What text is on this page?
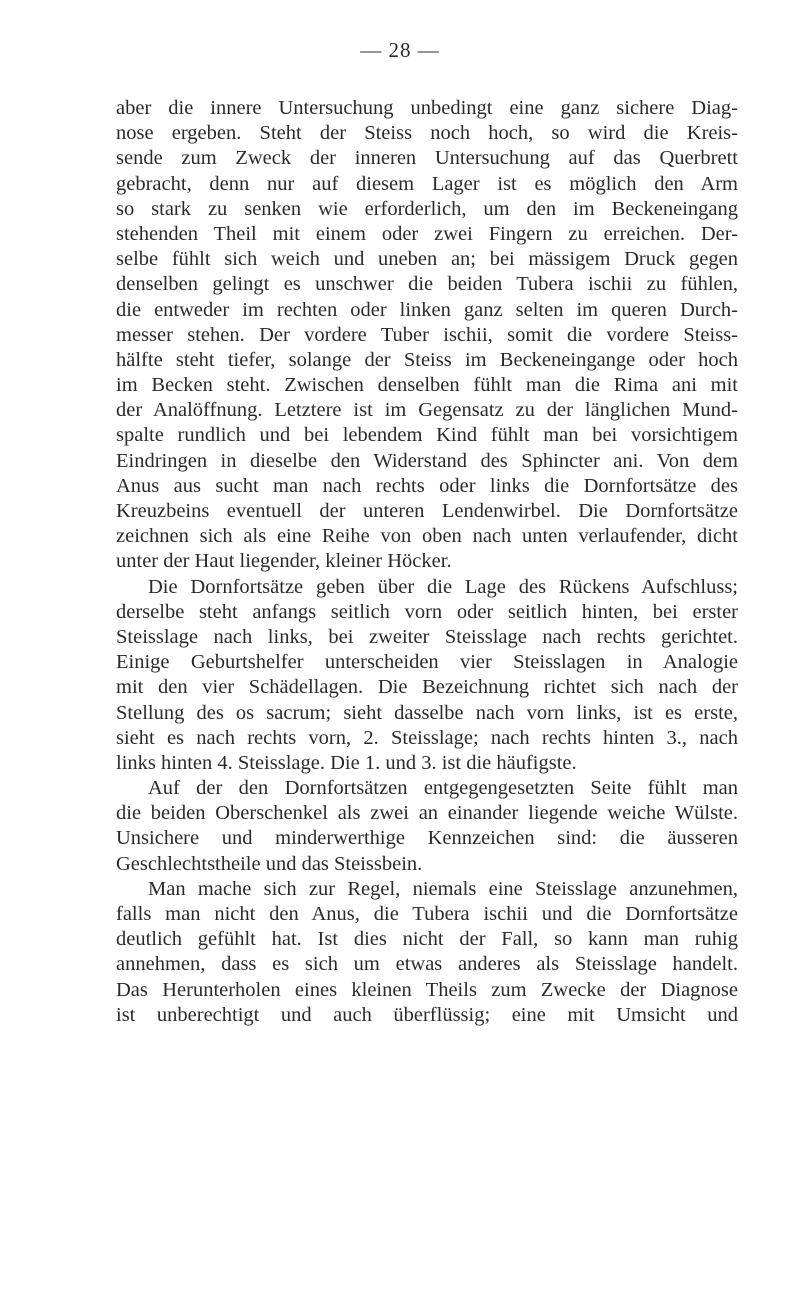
— 28 —
aber die innere Untersuchung unbedingt eine ganz sichere Diag-
nose ergeben. Steht der Steiss noch hoch, so wird die Kreis-
sende zum Zweck der inneren Untersuchung auf das Querbrett
gebracht, denn nur auf diesem Lager ist es möglich den Arm
so stark zu senken wie erforderlich, um den im Beckeneingang
stehenden Theil mit einem oder zwei Fingern zu erreichen. Der-
selbe fühlt sich weich und uneben an; bei mässigem Druck gegen
denselben gelingt es unschwer die beiden Tubera ischii zu fühlen,
die entweder im rechten oder linken ganz selten im queren Durch-
messer stehen. Der vordere Tuber ischii, somit die vordere Steiss-
hälfte steht tiefer, solange der Steiss im Beckeneingange oder hoch
im Becken steht. Zwischen denselben fühlt man die Rima ani mit
der Analöffnung. Letztere ist im Gegensatz zu der länglichen Mund-
spalte rundlich und bei lebendem Kind fühlt man bei vorsichtigem
Eindringen in dieselbe den Widerstand des Sphincter ani. Von dem
Anus aus sucht man nach rechts oder links die Dornfortsätze des
Kreuzbeins eventuell der unteren Lendenwirbel. Die Dornfortsätze
zeichnen sich als eine Reihe von oben nach unten verlaufender, dicht
unter der Haut liegender, kleiner Höcker.
Die Dornfortsätze geben über die Lage des Rückens Aufschluss;
derselbe steht anfangs seitlich vorn oder seitlich hinten, bei erster
Steisslage nach links, bei zweiter Steisslage nach rechts gerichtet.
Einige Geburtshelfer unterscheiden vier Steisslagen in Analogie
mit den vier Schädellagen. Die Bezeichnung richtet sich nach der
Stellung des os sacrum; sieht dasselbe nach vorn links, ist es erste,
sieht es nach rechts vorn, 2. Steisslage; nach rechts hinten 3., nach
links hinten 4. Steisslage. Die 1. und 3. ist die häufigste.
Auf der den Dornfortsätzen entgegengesetzten Seite fühlt man
die beiden Oberschenkel als zwei an einander liegende weiche Wülste.
Unsichere und minderwerthige Kennzeichen sind: die äusseren
Geschlechtstheile und das Steissbein.
Man mache sich zur Regel, niemals eine Steisslage anzunehmen,
falls man nicht den Anus, die Tubera ischii und die Dornfortsätze
deutlich gefühlt hat. Ist dies nicht der Fall, so kann man ruhig
annehmen, dass es sich um etwas anderes als Steisslage handelt.
Das Herunterholen eines kleinen Theils zum Zwecke der Diagnose
ist unberechtigt und auch überflüssig; eine mit Umsicht und
